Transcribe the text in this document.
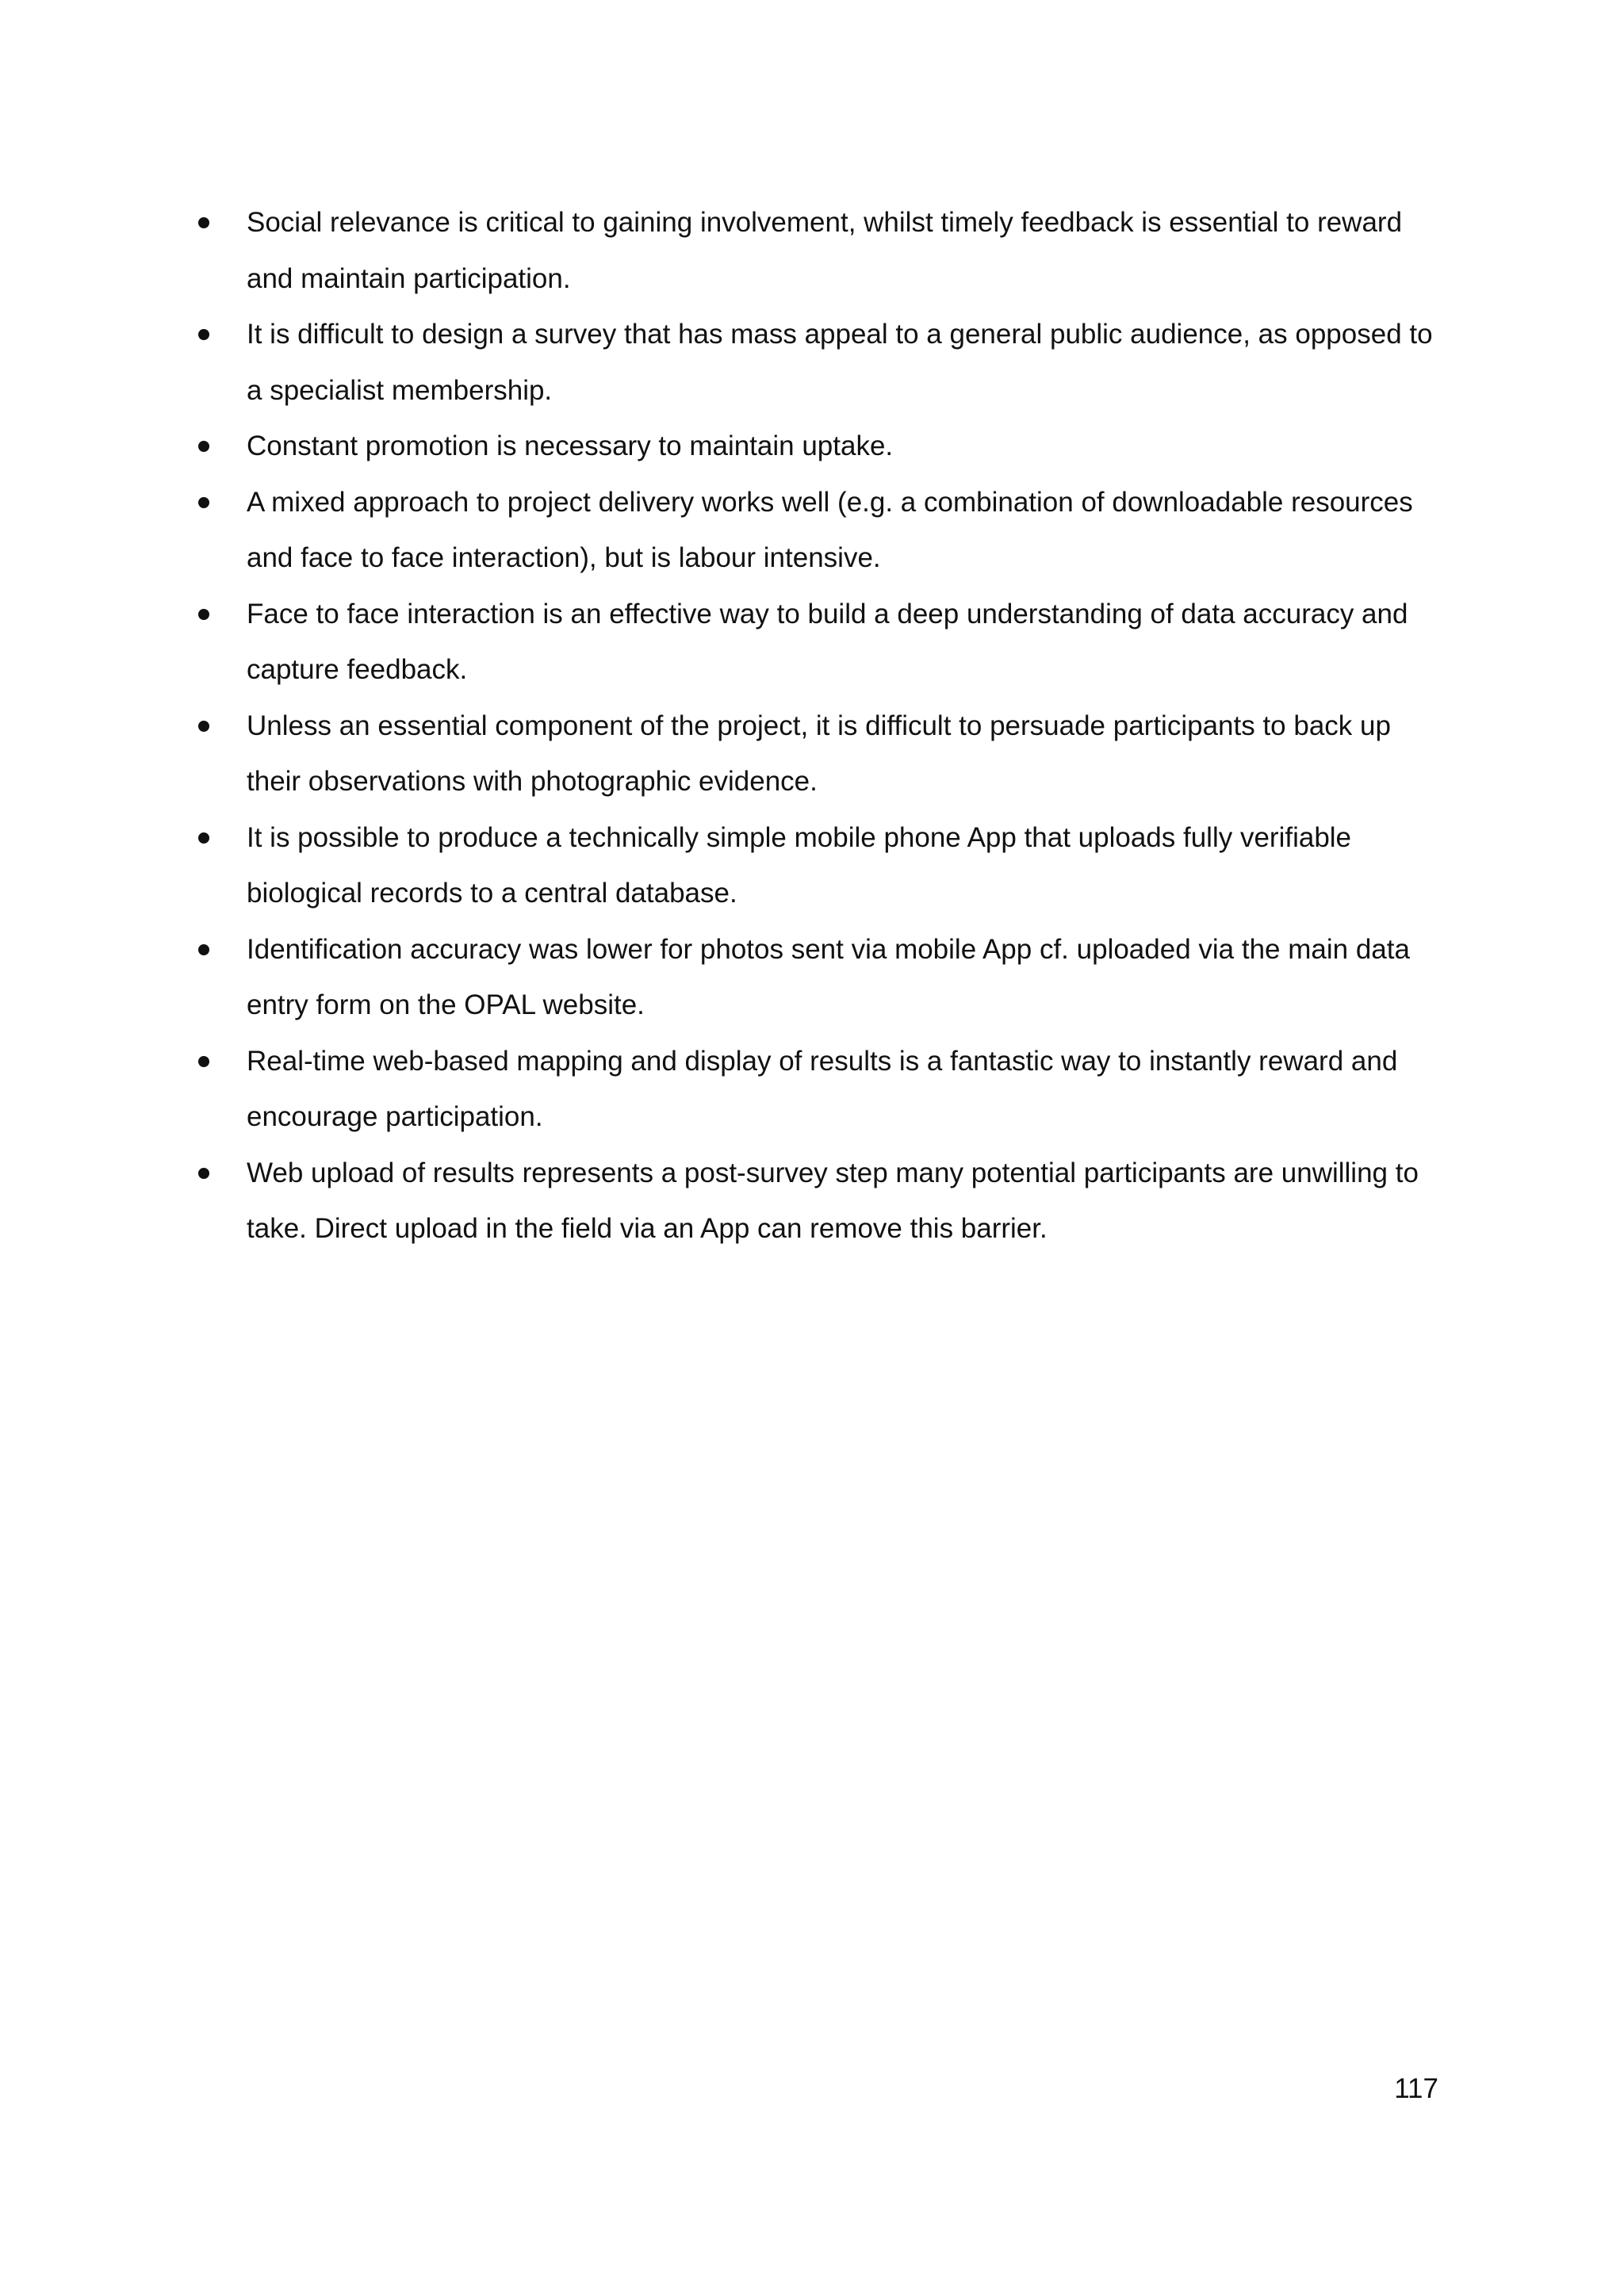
Social relevance is critical to gaining involvement, whilst timely feedback is essential to reward and maintain participation.
It is difficult to design a survey that has mass appeal to a general public audience, as opposed to a specialist membership.
Constant promotion is necessary to maintain uptake.
A mixed approach to project delivery works well (e.g. a combination of downloadable resources and face to face interaction), but is labour intensive.
Face to face interaction is an effective way to build a deep understanding of data accuracy and capture feedback.
Unless an essential component of the project, it is difficult to persuade participants to back up their observations with photographic evidence.
It is possible to produce a technically simple mobile phone App that uploads fully verifiable biological records to a central database.
Identification accuracy was lower for photos sent via mobile App cf. uploaded via the main data entry form on the OPAL website.
Real-time web-based mapping and display of results is a fantastic way to instantly reward and encourage participation.
Web upload of results represents a post-survey step many potential participants are unwilling to take. Direct upload in the field via an App can remove this barrier.
117
